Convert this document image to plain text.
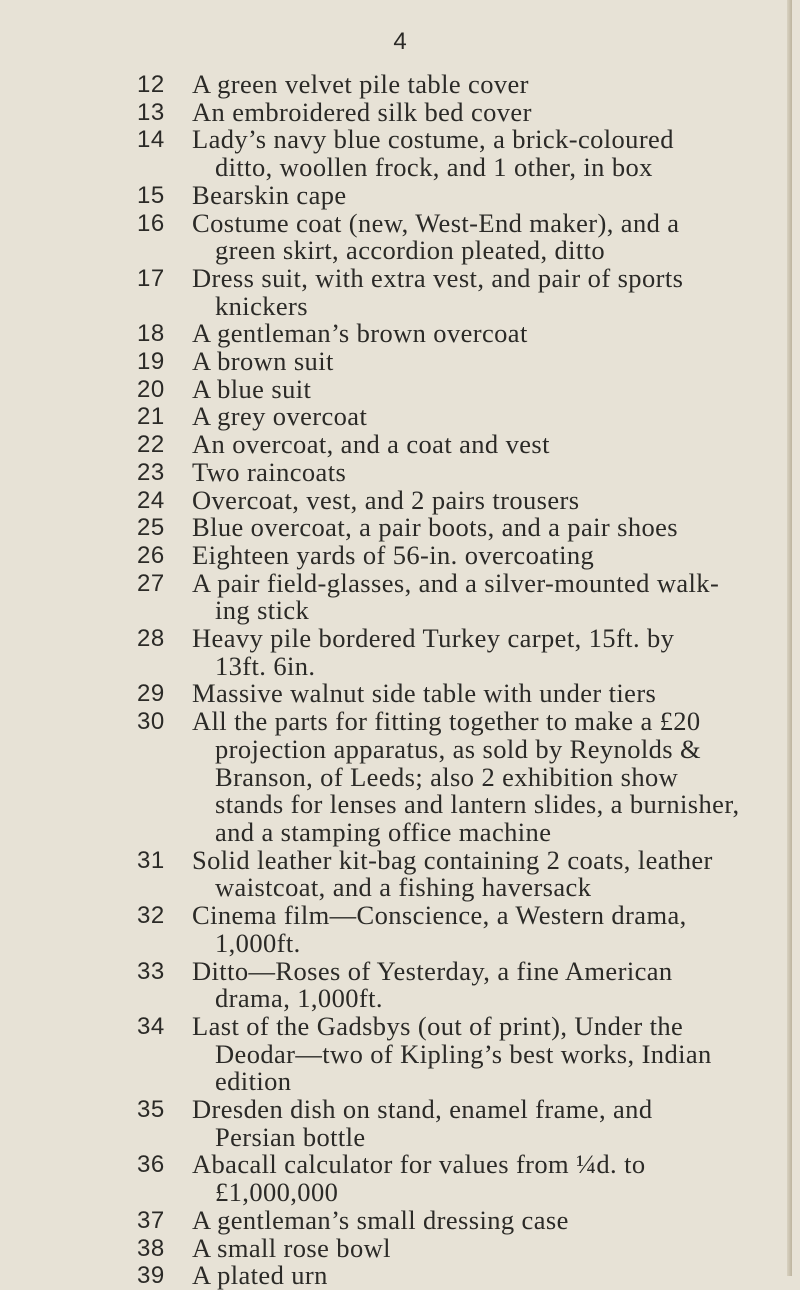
4
12	A green velvet pile table cover
13	An embroidered silk bed cover
14	Lady’s navy blue costume, a brick-coloured
ditto, woollen frock, and 1 other, in box
15	Bearskin cape
16	Costume coat (new, West-End maker), and a
green skirt, accordion pleated, ditto
17	Dress suit, with extra vest, and pair of sports
knickers
18	A gentleman’s brown overcoat
19	A brown suit
20	A blue suit
21	A grey overcoat
22	An overcoat, and a coat and vest
23	Two raincoats
24	Overcoat, vest, and 2 pairs trousers
25	Blue overcoat, a pair boots, and a pair shoes
26	Eighteen yards of 56-in. overcoating
27	A pair field-glasses, and a silver-mounted walk-
ing stick
28	Heavy pile bordered Turkey carpet, 15ft. by
13ft. 6in.
29	Massive walnut side table with under tiers
30	All the parts for fitting together to make a £20
projection apparatus, as sold by Reynolds &
Branson, of Leeds; also 2 exhibition show
stands for lenses and lantern slides, a burnisher,
and a stamping office machine
31	Solid leather kit-bag containing 2 coats, leather
waistcoat, and a fishing haversack
32	Cinema film—Conscience, a Western drama,
1,000ft.
33	Ditto—Roses of Yesterday, a fine American
drama, 1,000ft.
34	Last of the Gadsbys (out of print), Under the
Deodar—two of Kipling’s best works, Indian
edition
35	Dresden dish on stand, enamel frame, and
Persian bottle
36	Abacall calculator for values from ¼d. to
£1,000,000
37	A gentleman’s small dressing case
38	A small rose bowl
39	A plated urn
